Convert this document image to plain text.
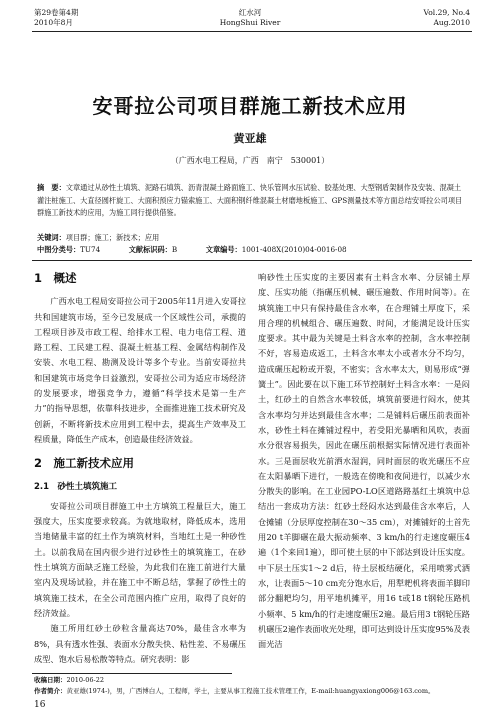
第29卷第4期
2010年8月
红水河
HongShui River
Vol.29, No.4
Aug.2010
安哥拉公司项目群施工新技术应用
黄亚雄
（广西水电工程局，广西　南宁　530001）
摘　要：文章通过从砂性土填筑、泥路石填筑、沥青混凝土路面施工、快乐管网水压试验、胶基处理、大型钢盾架制作及安装、混凝土灌注桩施工、大直径圆杆旋工、大面积预应力锚索施工、大面积钢纤维混凝土材磨地板施工、GPS测量技术等方面总结安哥拉公司项目群施工新技术的应用，为施工同行提供借鉴。
关键词：项目群；施工；新技术；应用
中图分类号：TU74	文献标识码：B	文章编号：1001-408X(2010)04-0016-08
1　概述

广西水电工程局安哥拉公司于2005年11月进入安哥拉共和国建筑市场，至今已发展成一个区域性公司，承揽的工程项目涉及市政工程、给排水工程、电力电信工程、道路工程、工民建工程、混凝土桩基工程、金属结构制作及安装、水电工程、勘测及设计等多个专业。当前安哥拉共和国建筑市场竞争日益激烈，安哥拉公司为适应市场经济的发展要求，增强竞争力，遵循“科学技术是第一生产力”的指导思想，依靠科技进步，全面推进施工技术研究及创新，不断将新技术应用到工程中去，提高生产效率及工程质量，降低生产成本，创造最佳经济效益。

2　施工新技术应用
2.1　砂性土填筑施工

安哥拉公司项目群施工中土方填筑工程量巨大，施工强度大，压实度要求较高。为就地取材，降低成本，选用当地储量丰富的红土作为填筑材料，当地红土是一种砂性土。以前我局在国内很少进行过砂性土的填筑施工，在砂性土填筑方面缺乏施工经验，为此我们在施工前进行大量室内及现场试验，并在施工中不断总结，掌握了砂性土的填筑施工技术，在全公司范围内推广应用，取得了良好的经济效益。

施工所用红砂土砂粒含量高达70%，最佳含水率为8%，具有透水性强、表面水分散失快、粘性差、不易碾压成型、饱水后易松散等特点。研究表明：影

响砂性土压实度的主要因素有土料含水率、分层铺土厚度、压实功能（指碾压机械、碾压遍数、作用时间等）。在填筑施工中只有保持最佳含水率，在合理铺土厚度下，采用合理的机械组合、碾压遍数、时间，才能满足设计压实度要求。其中最为关键是土料含水率的控制，含水率控制不好，容易造成返工，土料含水率太小或者水分不均匀，造成碾压起粉或开裂，不密实；含水率太大，则易形成“弹簧土”。因此要在以下施工环节控制好土料含水率：一是闷土，红砂土的自然含水率较低，填筑前要进行闷水，使其含水率均匀并达到最佳含水率；二是铺料后碾压前表面补水，砂性土料在摊铺过程中，若受阳光暴晒和风吹，表面水分很容易损失，因此在碾压前根据实际情况进行表面补水。三是面层收光前洒水湿润，同时面层的收光碾压不应在太阳暴晒下进行，一般选在傍晚和夜间进行，以减少水分散失的影响。在工业园PO-LO区道路路基红土填筑中总结出一套成功方法：红砂土经闷水达到最佳含水率后，人仓摊铺（分层厚度控制在30～35 cm），对摊铺好的土首先用20 t羊脚碾在最大振动频率、3 km/h的行走速度碾压4遍（1个来回1遍），即可使土层的中下部达到设计压实度。中下层土压实1～2 d后，待土层板结硬化，采用喷雾式洒水，让表面5～10 cm充分饱水后，用犁耙机将表面羊脚印部分翻耙均匀，用平地机摊平，用16 t或18 t钢轮压路机小频率、5 km/h的行走速度碾压2遍。最后用3 t钢轮压路机碾压2遍作表面收光处理，即可达到设计压实度95%及表面光洁

收稿日期：2010-06-22
作者简介：黄亚雄(1974-)，男，广西博白人，工程师，学士，主要从事工程施工技术管理工作，E-mail:huangyaxiong006@163.com。
16
